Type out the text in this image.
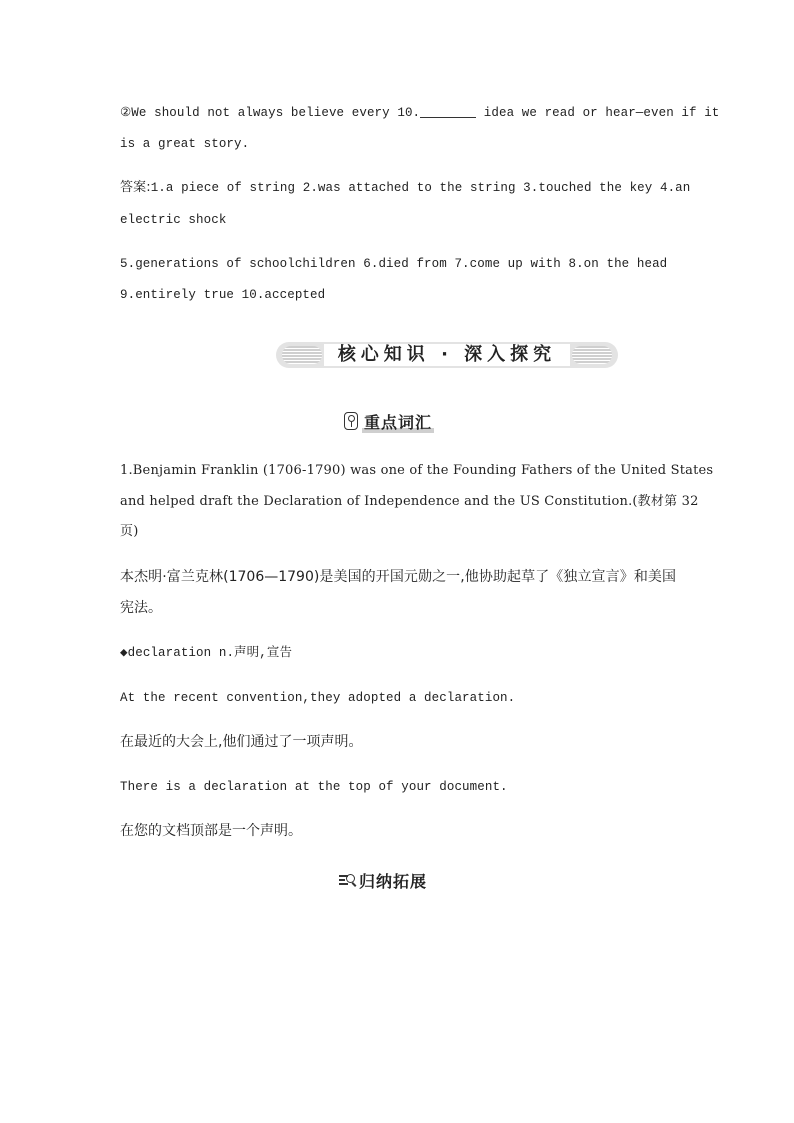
②We should not always believe every 10.	idea we read or hear—even if it
is a great story.
答案:1.a piece of string 2.was attached to the string 3.touched the key 4.an
electric shock
5.generations of schoolchildren 6.died from 7.come up with 8.on the head
9.entirely true 10.accepted
核心知识 · 深入探究
重点词汇
1.Benjamin Franklin (1706-1790) was one of the Founding Fathers of the United States
and helped draft the Declaration of Independence and the US Constitution.(教材第 32
页)
本杰明·富兰克林(1706—1790)是美国的开国元勋之一,他协助起草了《独立宣言》和美国
宪法。
◆declaration n.声明,宣告
At the recent convention,they adopted a declaration.
在最近的大会上,他们通过了一项声明。
There is a declaration at the top of your document.
在您的文档顶部是一个声明。
归纳拓展
